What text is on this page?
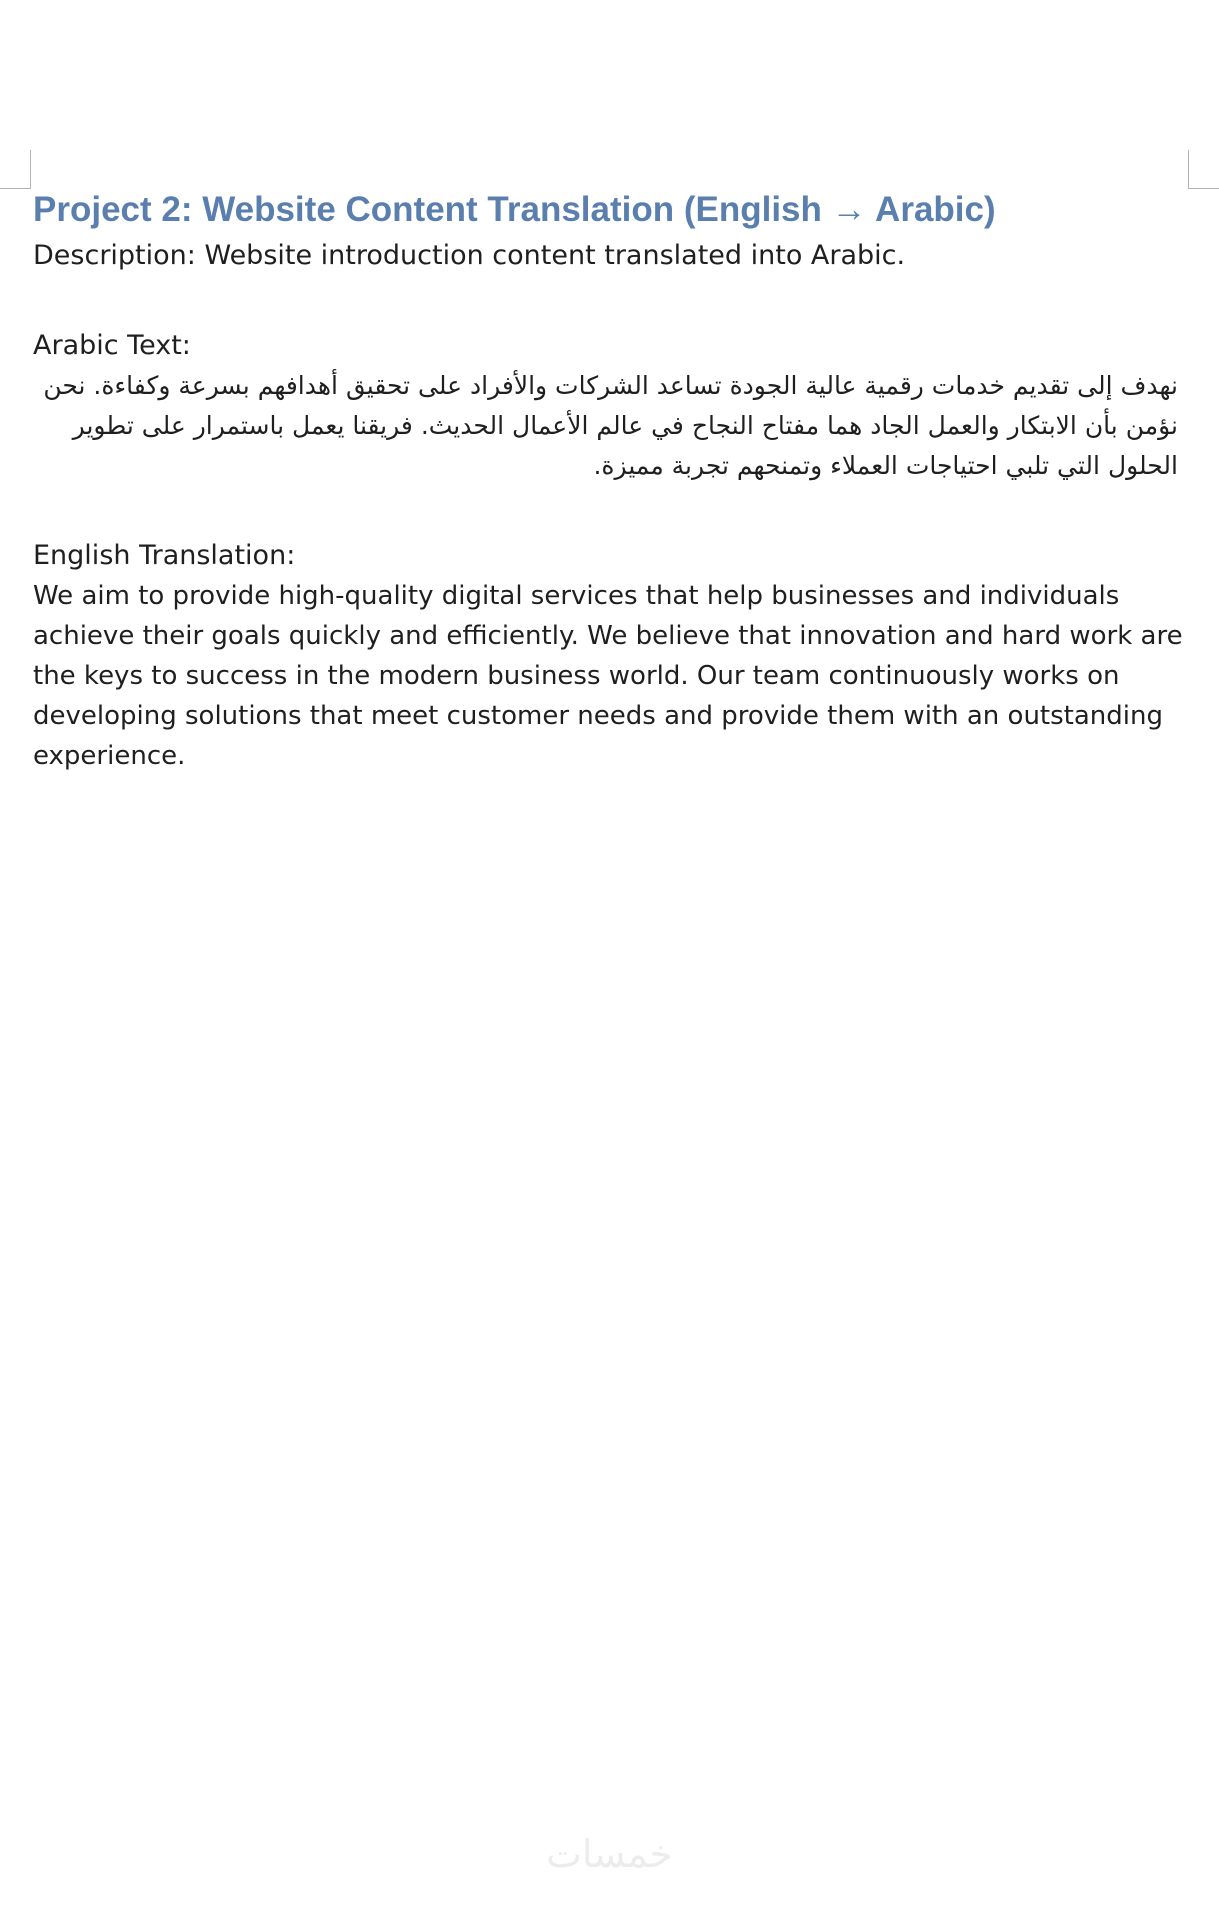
Project 2: Website Content Translation (English → Arabic)

Description: Website introduction content translated into Arabic.

Arabic Text:

نهدف إلى تقديم خدمات رقمية عالية الجودة تساعد الشركات والأفراد على تحقيق أهدافهم بسرعة وكفاءة. نحن نؤمن بأن الابتكار والعمل الجاد هما مفتاح النجاح في عالم الأعمال الحديث. فريقنا يعمل باستمرار على تطوير الحلول التي تلبي احتياجات العملاء وتمنحهم تجربة مميزة.

English Translation:

We aim to provide high-quality digital services that help businesses and individuals achieve their goals quickly and efficiently. We believe that innovation and hard work are the keys to success in the modern business world. Our team continuously works on developing solutions that meet customer needs and provide them with an outstanding experience.

خمسات
